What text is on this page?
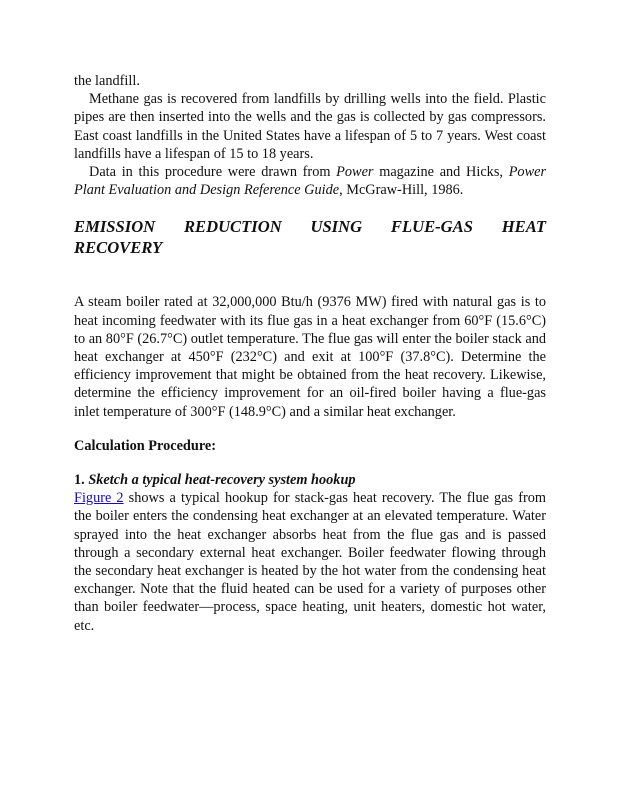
the landfill.

Methane gas is recovered from landfills by drilling wells into the field. Plastic pipes are then inserted into the wells and the gas is collected by gas compressors. East coast landfills in the United States have a lifespan of 5 to 7 years. West coast landfills have a lifespan of 15 to 18 years.

Data in this procedure were drawn from Power magazine and Hicks, Power Plant Evaluation and Design Reference Guide, McGraw-Hill, 1986.

EMISSION REDUCTION USING FLUE-GAS HEAT
RECOVERY

A steam boiler rated at 32,000,000 Btu/h (9376 MW) fired with natural gas is to heat incoming feedwater with its flue gas in a heat exchanger from 60°F (15.6°C) to an 80°F (26.7°C) outlet temperature. The flue gas will enter the boiler stack and heat exchanger at 450°F (232°C) and exit at 100°F (37.8°C). Determine the efficiency improvement that might be obtained from the heat recovery. Likewise, determine the efficiency improvement for an oil-fired boiler having a flue-gas inlet temperature of 300°F (148.9°C) and a similar heat exchanger.

Calculation Procedure:

1. Sketch a typical heat-recovery system hookup

Figure 2 shows a typical hookup for stack-gas heat recovery. The flue gas from the boiler enters the condensing heat exchanger at an elevated temperature. Water sprayed into the heat exchanger absorbs heat from the flue gas and is passed through a secondary external heat exchanger. Boiler feedwater flowing through the secondary heat exchanger is heated by the hot water from the condensing heat exchanger. Note that the fluid heated can be used for a variety of purposes other than boiler feedwater—process, space heating, unit heaters, domestic hot water, etc.
